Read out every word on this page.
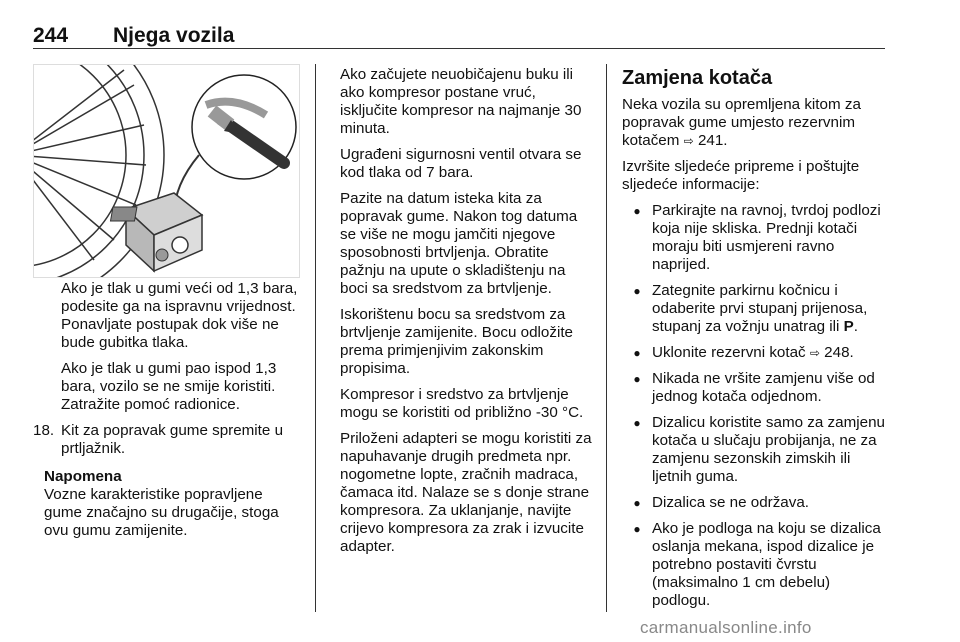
244 Njega vozila

Ako je tlak u gumi veći od 1,3 bara, podesite ga na ispravnu vrijednost. Ponavljate postupak dok više ne bude gubitka tlaka.

Ako je tlak u gumi pao ispod 1,3 bara, vozilo se ne smije koristiti. Zatražite pomoć radionice.

18. Kit za popravak gume spremite u prtljažnik.
Napomena
Vozne karakteristike popravljene gume značajno su drugačije, stoga ovu gumu zamijenite.

Ako začujete neuobičajenu buku ili ako kompresor postane vruć, isključite kompresor na najmanje 30 minuta.

Ugrađeni sigurnosni ventil otvara se kod tlaka od 7 bara.

Pazite na datum isteka kita za popravak gume. Nakon tog datuma se više ne mogu jamčiti njegove sposobnosti brtvljenja. Obratite pažnju na upute o skladištenju na boci sa sredstvom za brtvljenje.

Iskorištenu bocu sa sredstvom za brtvljenje zamijenite. Bocu odložite prema primjenjivim zakonskim propisima.

Kompresor i sredstvo za brtvljenje mogu se koristiti od približno -30 °C.

Priloženi adapteri se mogu koristiti za napuhavanje drugih predmeta npr. nogometne lopte, zračnih madraca, čamaca itd. Nalaze se s donje strane kompresora. Za uklanjanje, navijte crijevo kompresora za zrak i izvucite adapter.

Zamjena kotača

Neka vozila su opremljena kitom za popravak gume umjesto rezervnim kotačem ⇨ 241.

Izvršite sljedeće pripreme i poštujte sljedeće informacije:

● Parkirajte na ravnoj, tvrdoj podlozi koja nije skliska. Prednji kotači moraju biti usmjereni ravno naprijed.
● Zategnite parkirnu kočnicu i odaberite prvi stupanj prijenosa, stupanj za vožnju unatrag ili P.
● Uklonite rezervni kotač ⇨ 248.
● Nikada ne vršite zamjenu više od jednog kotača odjednom.
● Dizalicu koristite samo za zamjenu kotača u slučaju probijanja, ne za zamjenu sezonskih zimskih ili ljetnih guma.
● Dizalica se ne održava.
● Ako je podloga na koju se dizalica oslanja mekana, ispod dizalice je potrebno postaviti čvrstu (maksimalno 1 cm debelu) podlogu.
carmanualsonline.info
